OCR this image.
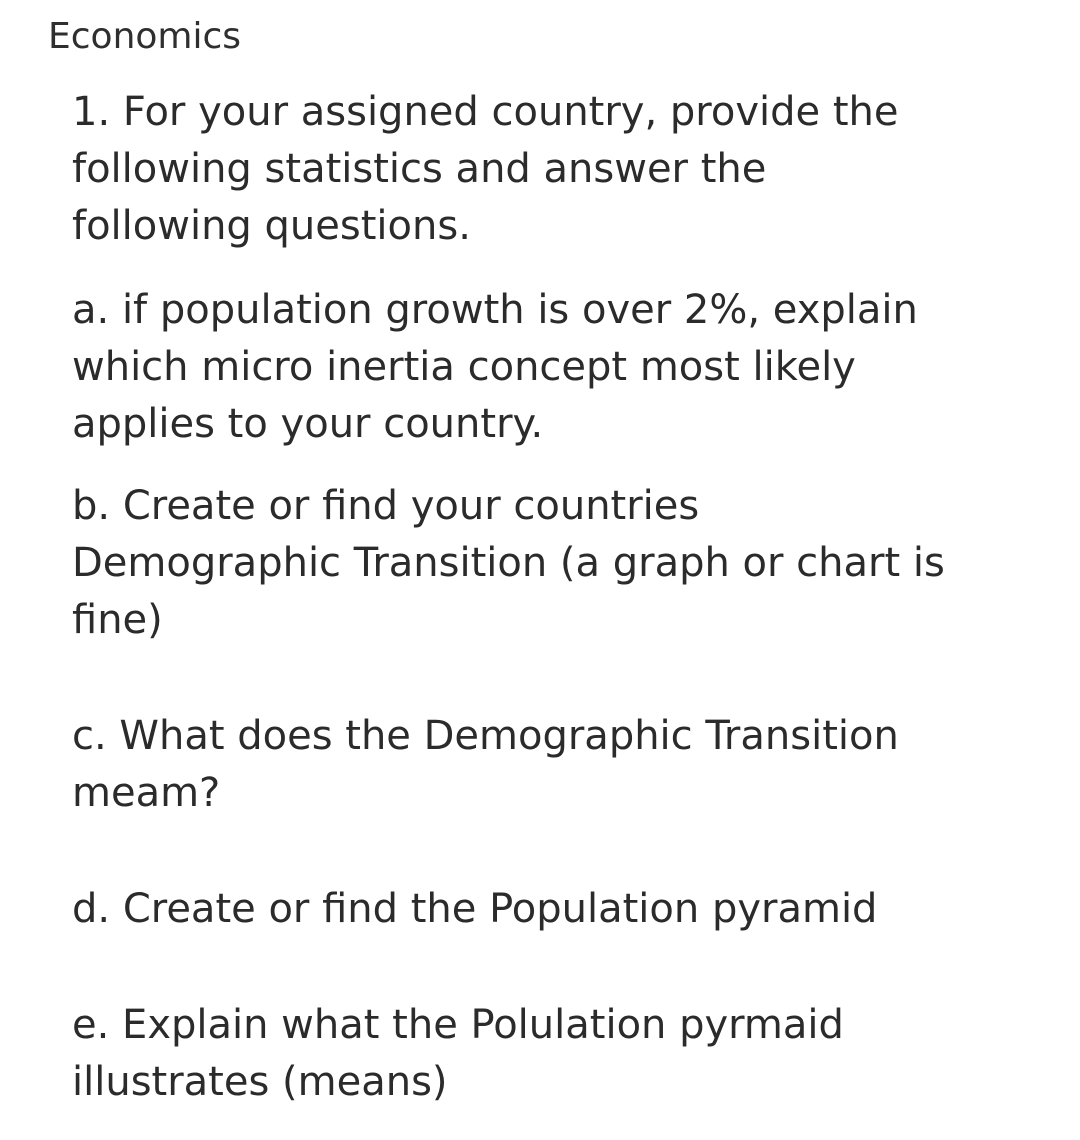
Economics

1. For your assigned country, provide the
following statistics and answer the
following questions.

a. if population growth is over 2%, explain
which micro inertia concept most likely
applies to your country.

b. Create or find your countries
Demographic Transition (a graph or chart is
fine)

c. What does the Demographic Transition
meam?

d. Create or find the Population pyramid

e. Explain what the Polulation pyrmaid
illustrates (means)
